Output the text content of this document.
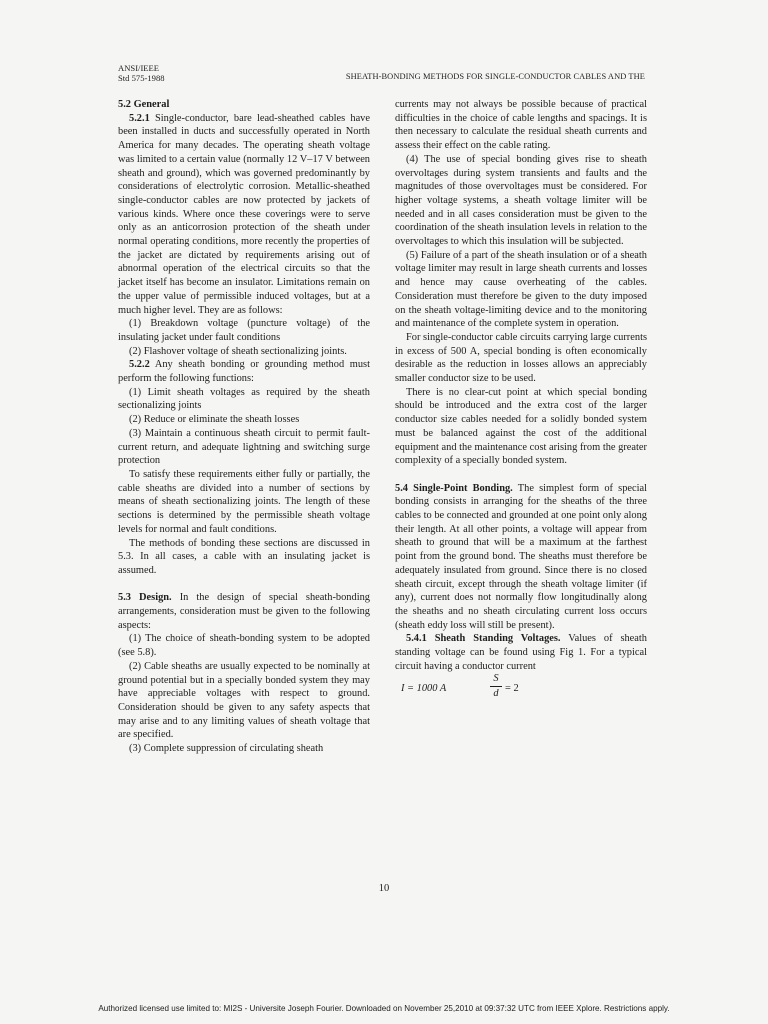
ANSI/IEEE
Std 575-1988	SHEATH-BONDING METHODS FOR SINGLE-CONDUCTOR CABLES AND THE

5.2 General

5.2.1 Single-conductor, bare lead-sheathed cables have been installed in ducts and successfully operated in North America for many decades. The operating sheath voltage was limited to a certain value (normally 12 V–17 V between sheath and ground), which was governed predominantly by considerations of electrolytic corrosion. Metallic-sheathed single-conductor cables are now protected by jackets of various kinds. Where once these coverings were to serve only as an anticorrosion protection of the sheath under normal operating conditions, more recently the properties of the jacket are dictated by requirements arising out of abnormal operation of the electrical circuits so that the jacket itself has become an insulator. Limitations remain on the upper value of permissible induced voltages, but at a much higher level. They are as follows:

(1) Breakdown voltage (puncture voltage) of the insulating jacket under fault conditions

(2) Flashover voltage of sheath sectionalizing joints.

5.2.2 Any sheath bonding or grounding method must perform the following functions:

(1) Limit sheath voltages as required by the sheath sectionalizing joints

(2) Reduce or eliminate the sheath losses

(3) Maintain a continuous sheath circuit to permit fault-current return, and adequate lightning and switching surge protection

To satisfy these requirements either fully or partially, the cable sheaths are divided into a number of sections by means of sheath sectionalizing joints. The length of these sections is determined by the permissible sheath voltage levels for normal and fault conditions.

The methods of bonding these sections are discussed in 5.3. In all cases, a cable with an insulating jacket is assumed.

5.3 Design. In the design of special sheath-bonding arrangements, consideration must be given to the following aspects:

(1) The choice of sheath-bonding system to be adopted (see 5.8).

(2) Cable sheaths are usually expected to be nominally at ground potential but in a specially bonded system they may have appreciable voltages with respect to ground. Consideration should be given to any safety aspects that may arise and to any limiting values of sheath voltage that are specified.

(3) Complete suppression of circulating sheath

currents may not always be possible because of practical difficulties in the choice of cable lengths and spacings. It is then necessary to calculate the residual sheath currents and assess their effect on the cable rating.

(4) The use of special bonding gives rise to sheath overvoltages during system transients and faults and the magnitudes of those overvoltages must be considered. For higher voltage systems, a sheath voltage limiter will be needed and in all cases consideration must be given to the coordination of the sheath insulation levels in relation to the overvoltages to which this insulation will be subjected.

(5) Failure of a part of the sheath insulation or of a sheath voltage limiter may result in large sheath currents and losses and hence may cause overheating of the cables. Consideration must therefore be given to the duty imposed on the sheath voltage-limiting device and to the monitoring and maintenance of the complete system in operation.

For single-conductor cable circuits carrying large currents in excess of 500 A, special bonding is often economically desirable as the reduction in losses allows an appreciably smaller conductor size to be used.

There is no clear-cut point at which special bonding should be introduced and the extra cost of the larger conductor size cables needed for a solidly bonded system must be balanced against the cost of the additional equipment and the maintenance cost arising from the greater complexity of a specially bonded system.

5.4 Single-Point Bonding. The simplest form of special bonding consists in arranging for the sheaths of the three cables to be connected and grounded at one point only along their length. At all other points, a voltage will appear from sheath to ground that will be a maximum at the farthest point from the ground bond. The sheaths must therefore be adequately insulated from ground. Since there is no closed sheath circuit, except through the sheath voltage limiter (if any), current does not normally flow longitudinally along the sheaths and no sheath circulating current loss occurs (sheath eddy loss will still be present).

5.4.1 Sheath Standing Voltages. Values of sheath standing voltage can be found using Fig 1. For a typical circuit having a conductor current

I = 1000 A
S
d = 2
10
Authorized licensed use limited to: MI2S - Universite Joseph Fourier. Downloaded on November 25,2010 at 09:37:32 UTC from IEEE Xplore. Restrictions apply.
